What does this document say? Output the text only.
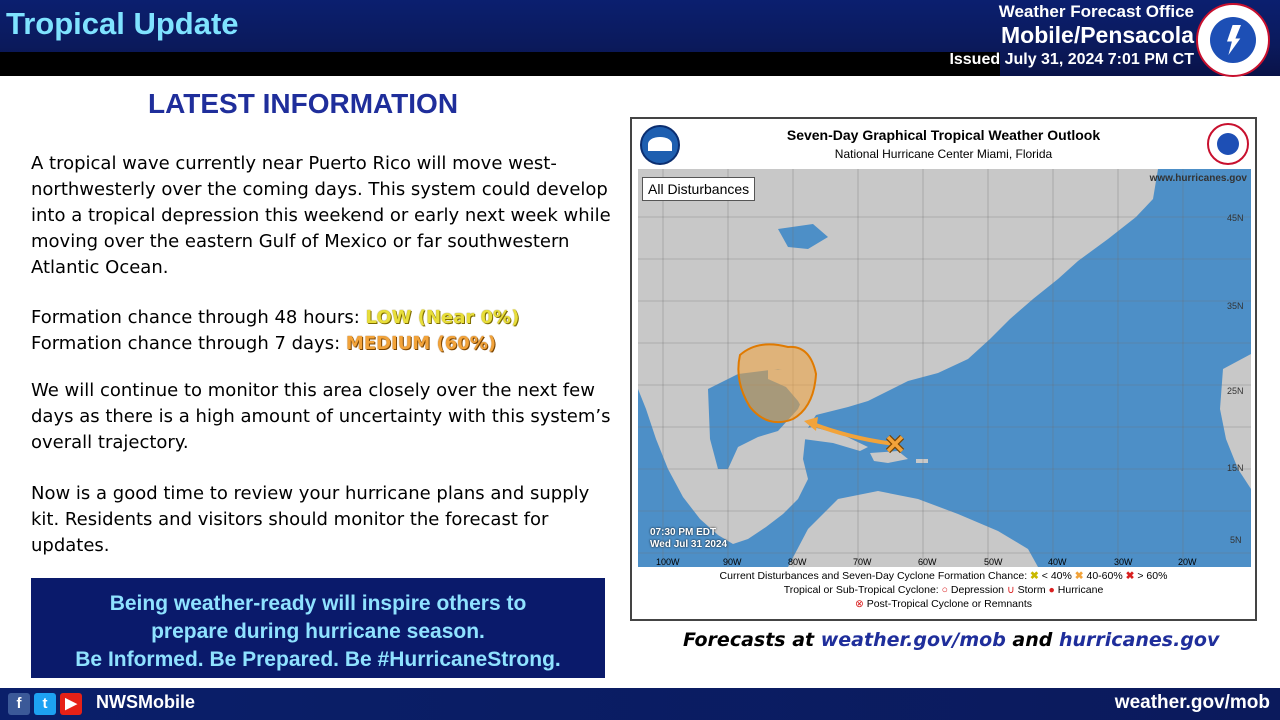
Tropical Update	Weather Forecast Office
Mobile/Pensacola
Issued July 31, 2024 7:01 PM CT
LATEST INFORMATION
A tropical wave currently near Puerto Rico will move west-northwesterly over the coming days. This system could develop into a tropical depression this weekend or early next week while moving over the eastern Gulf of Mexico or far southwestern Atlantic Ocean.
Formation chance through 48 hours: LOW (Near 0%)
Formation chance through 7 days: MEDIUM (60%)
We will continue to monitor this area closely over the next few days as there is a high amount of uncertainty with this system’s overall trajectory.
Now is a good time to review your hurricane plans and supply kit. Residents and visitors should monitor the forecast for updates.
Being weather-ready will inspire others to
prepare during hurricane season.
Be Informed. Be Prepared. Be #HurricaneStrong.
Seven-Day Graphical Tropical Weather Outlook
National Hurricane Center Miami, Florida
45N
35N
25N
15N
5N
100W	90W	80W	70W	60W	50W	40W	30W	20W
All Disturbances
www.hurricanes.gov
07:30 PM EDT
Wed Jul 31 2024
Current Disturbances and Seven-Day Cyclone Formation Chance: ✖ < 40% ✖ 40-60% ✖ > 60%
Tropical or Sub-Tropical Cyclone: ○ Depression ∪ Storm ● Hurricane
⊗ Post-Tropical Cyclone or Remnants
Forecasts at weather.gov/mob and hurricanes.gov
f	t	▶ NWSMobile	weather.gov/mob
